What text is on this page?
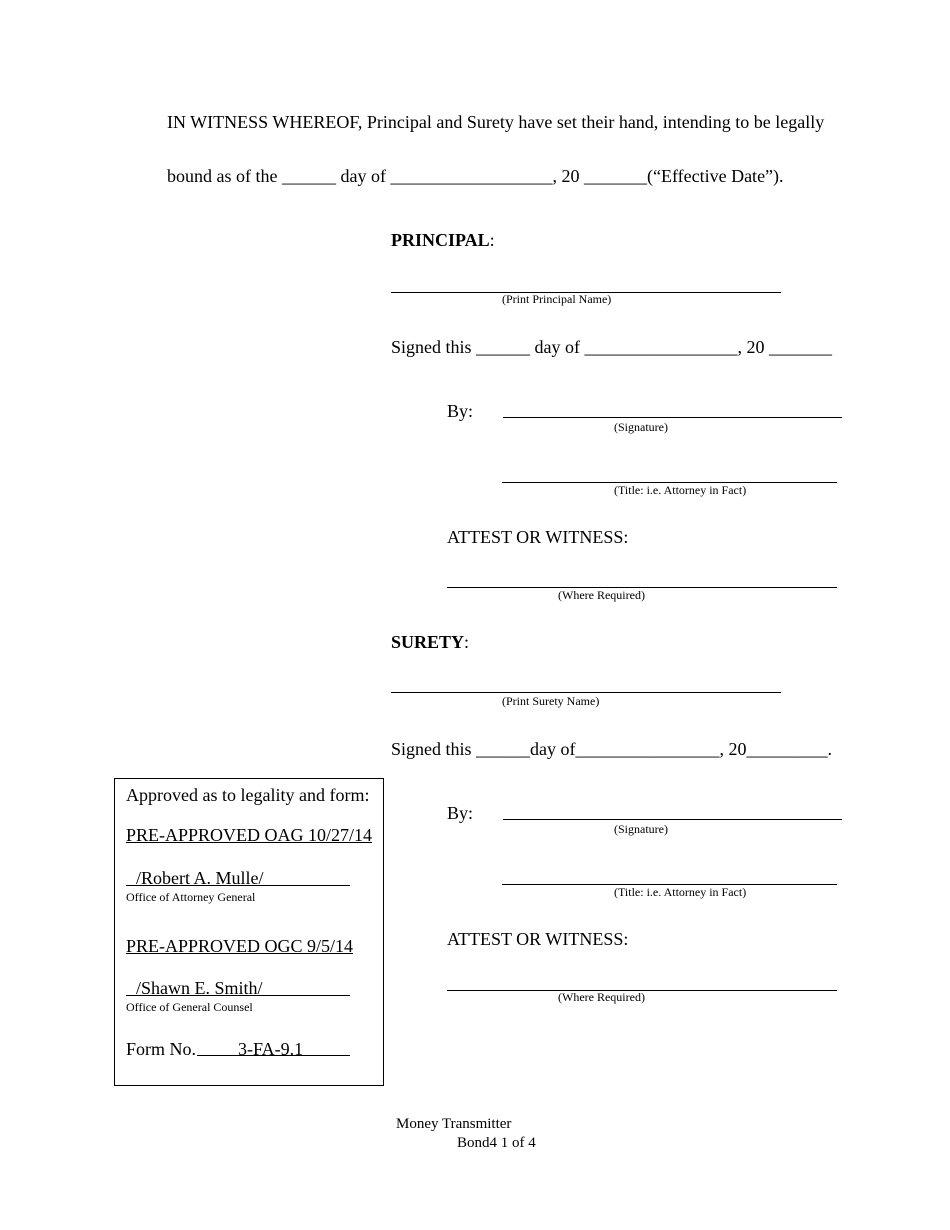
IN WITNESS WHEREOF, Principal and Surety have set their hand, intending to be legally
bound as of the ______ day of __________________, 20 _______(“Effective Date”).
PRINCIPAL:
(Print Principal Name)
Signed this ______ day of _________________, 20 _______
By:
(Signature)
(Title: i.e. Attorney in Fact)
ATTEST OR WITNESS:
(Where Required)
SURETY:
(Print Surety Name)
Signed this ______day of________________, 20_________.
By:
(Signature)
(Title: i.e. Attorney in Fact)
ATTEST OR WITNESS:
(Where Required)
Approved as to legality and form:
PRE-APPROVED OAG 10/27/14
/Robert A. Mulle/
Office of Attorney General
PRE-APPROVED OGC 9/5/14
/Shawn E. Smith/
Office of General Counsel
Form No. 3-FA-9.1
Money Transmitter
Bond4 1 of 4
